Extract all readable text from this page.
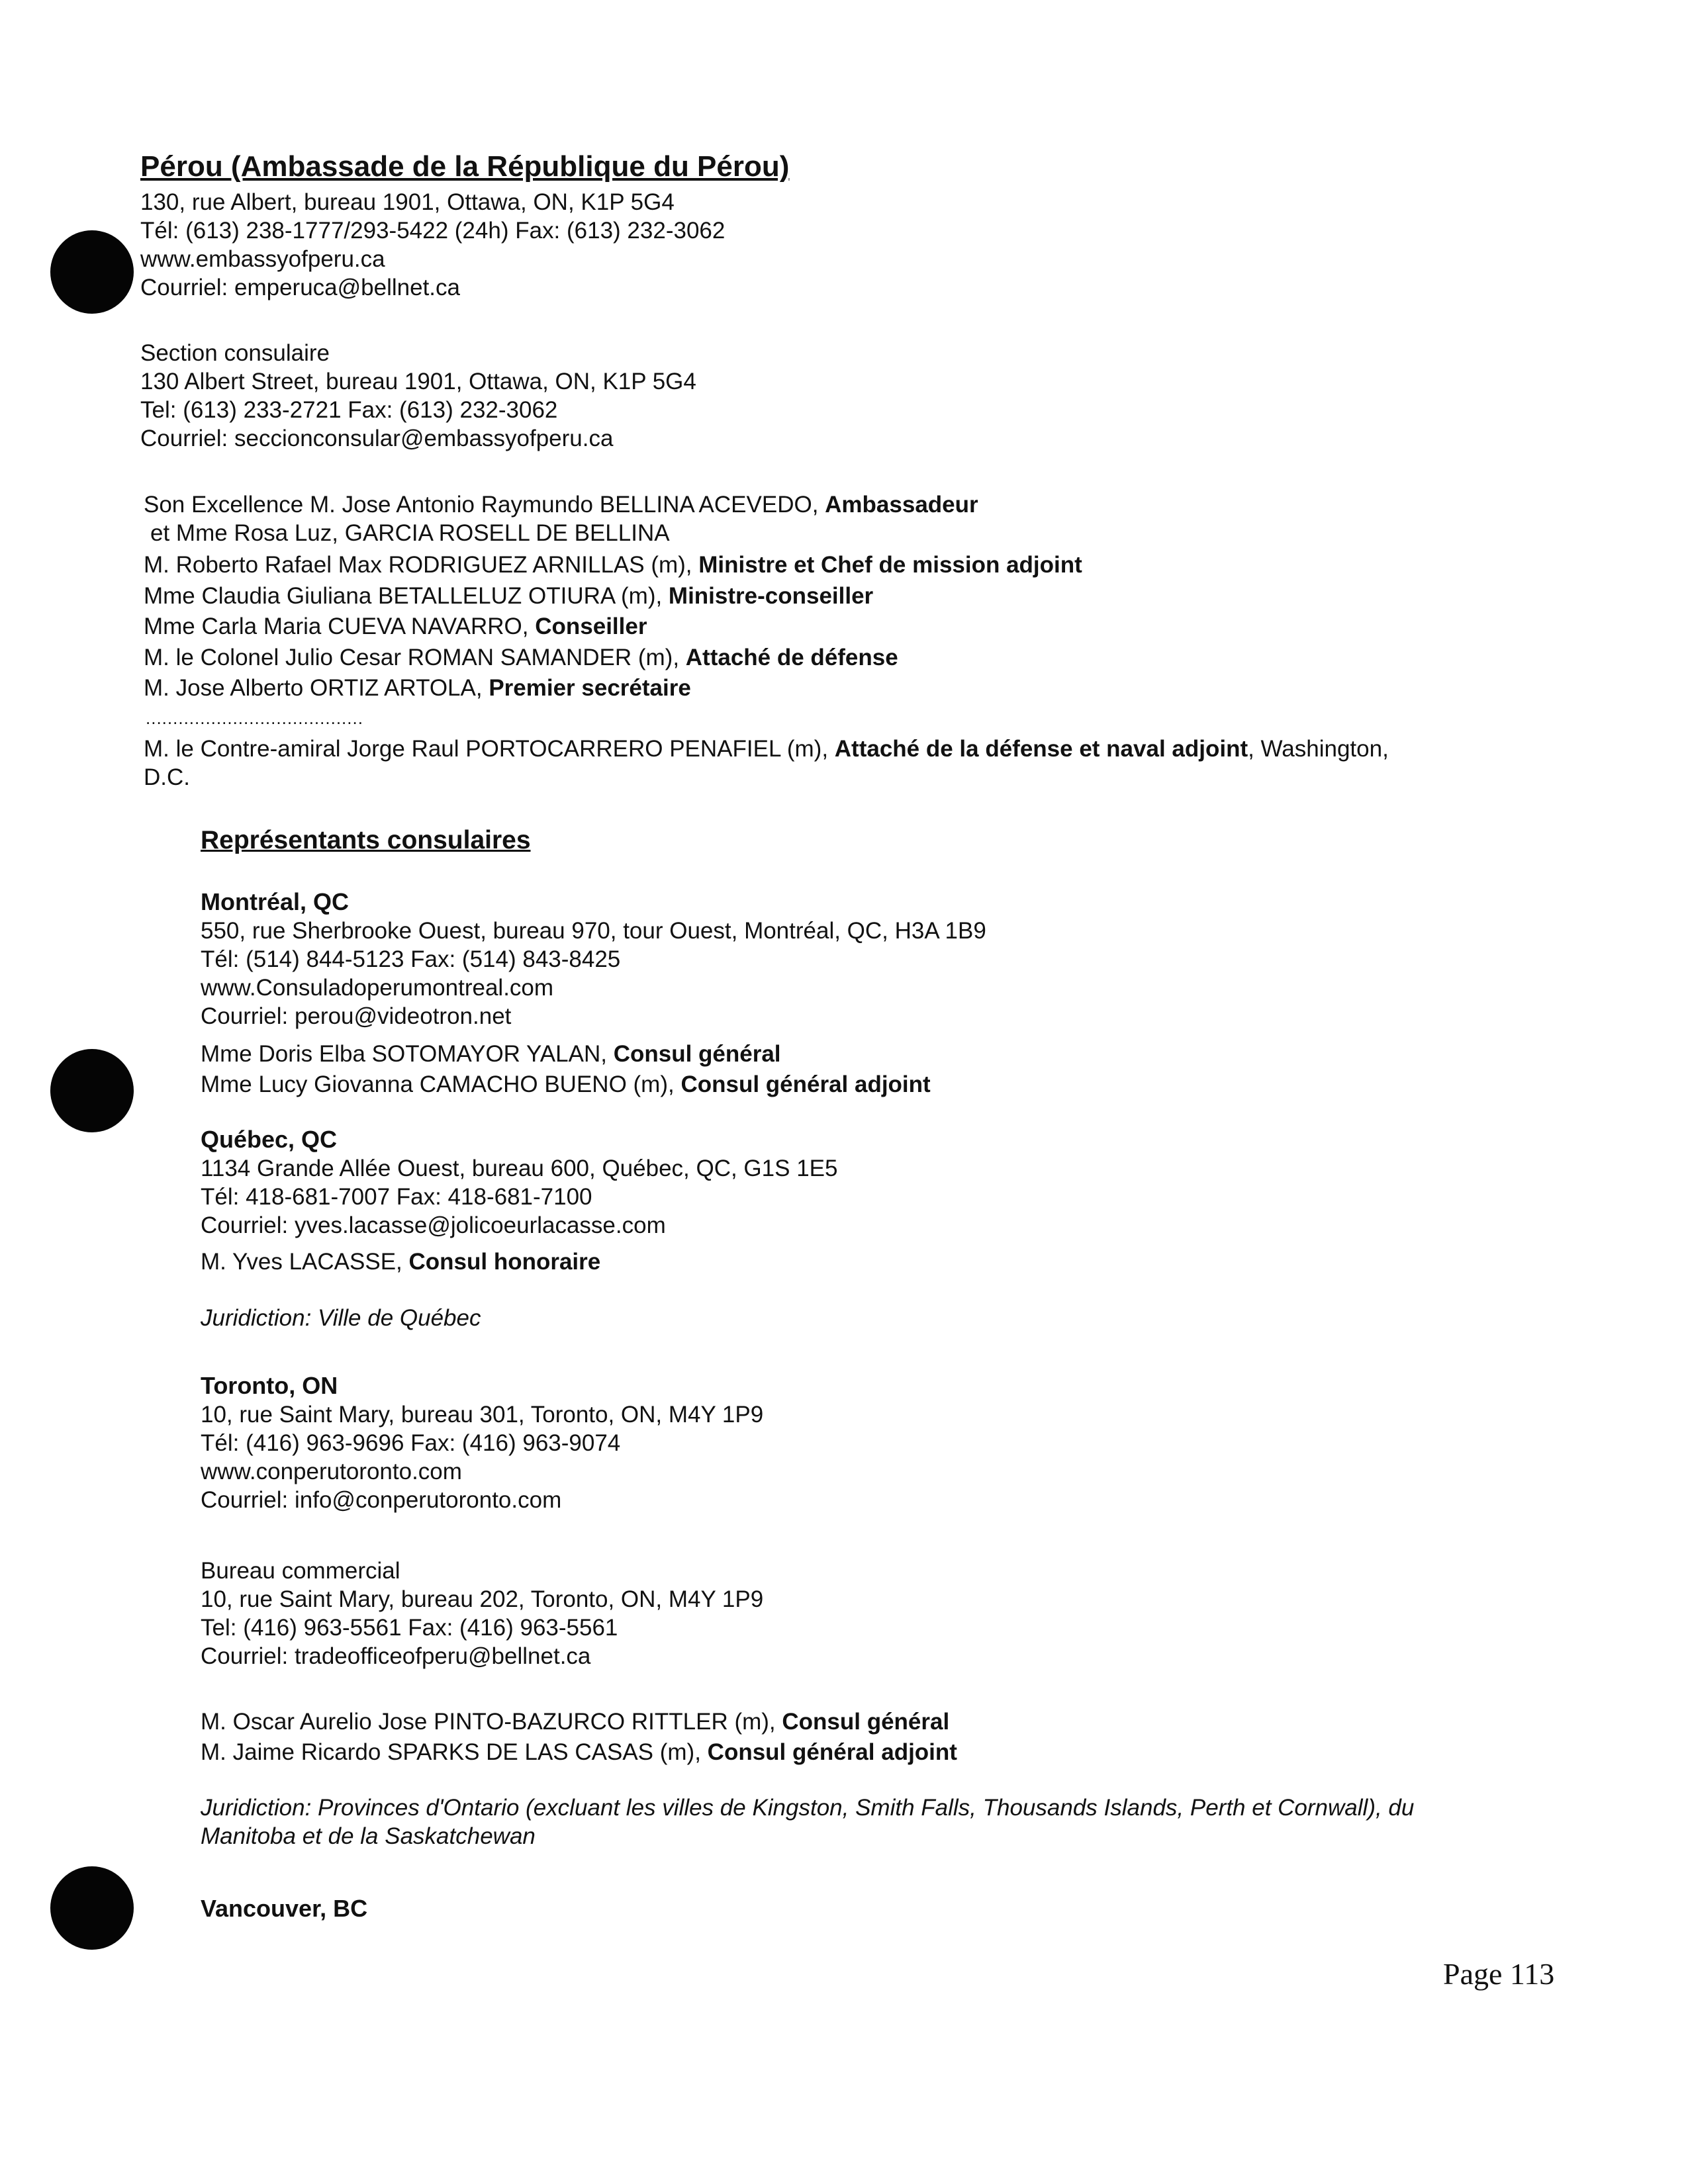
Pérou (Ambassade de la République du Pérou)
130, rue Albert, bureau 1901, Ottawa, ON, K1P 5G4
Tél: (613) 238-1777/293-5422 (24h) Fax: (613) 232-3062
www.embassyofperu.ca
Courriel: emperuca@bellnet.ca
Section consulaire
130 Albert Street, bureau 1901, Ottawa, ON, K1P 5G4
Tel: (613) 233-2721 Fax: (613) 232-3062
Courriel: seccionconsular@embassyofperu.ca
Son Excellence M. Jose Antonio Raymundo BELLINA ACEVEDO, Ambassadeur
et Mme Rosa Luz, GARCIA ROSELL DE BELLINA
M. Roberto Rafael Max RODRIGUEZ ARNILLAS (m), Ministre et Chef de mission adjoint
Mme Claudia Giuliana BETALLELUZ OTIURA (m), Ministre-conseiller
Mme Carla Maria CUEVA NAVARRO, Conseiller
M. le Colonel Julio Cesar ROMAN SAMANDER (m), Attaché de défense
M. Jose Alberto ORTIZ ARTOLA, Premier secrétaire
........................................
M. le Contre-amiral Jorge Raul PORTOCARRERO PENAFIEL (m), Attaché de la défense et naval adjoint, Washington,
D.C.
Représentants consulaires
Montréal, QC
550, rue Sherbrooke Ouest, bureau 970, tour Ouest, Montréal, QC, H3A 1B9
Tél: (514) 844-5123 Fax: (514) 843-8425
www.Consuladoperumontreal.com
Courriel: perou@videotron.net
Mme Doris Elba SOTOMAYOR YALAN, Consul général
Mme Lucy Giovanna CAMACHO BUENO (m), Consul général adjoint
Québec, QC
1134 Grande Allée Ouest, bureau 600, Québec, QC, G1S 1E5
Tél: 418-681-7007 Fax: 418-681-7100
Courriel: yves.lacasse@jolicoeurlacasse.com
M. Yves LACASSE, Consul honoraire
Juridiction: Ville de Québec
Toronto, ON
10, rue Saint Mary, bureau 301, Toronto, ON, M4Y 1P9
Tél: (416) 963-9696 Fax: (416) 963-9074
www.conperutoronto.com
Courriel: info@conperutoronto.com
Bureau commercial
10, rue Saint Mary, bureau 202, Toronto, ON, M4Y 1P9
Tel: (416) 963-5561 Fax: (416) 963-5561
Courriel: tradeofficeofperu@bellnet.ca
M. Oscar Aurelio Jose PINTO-BAZURCO RITTLER (m), Consul général
M. Jaime Ricardo SPARKS DE LAS CASAS (m), Consul général adjoint
Juridiction: Provinces d'Ontario (excluant les villes de Kingston, Smith Falls, Thousands Islands, Perth et Cornwall), du
Manitoba et de la Saskatchewan
Vancouver, BC
Page 113
